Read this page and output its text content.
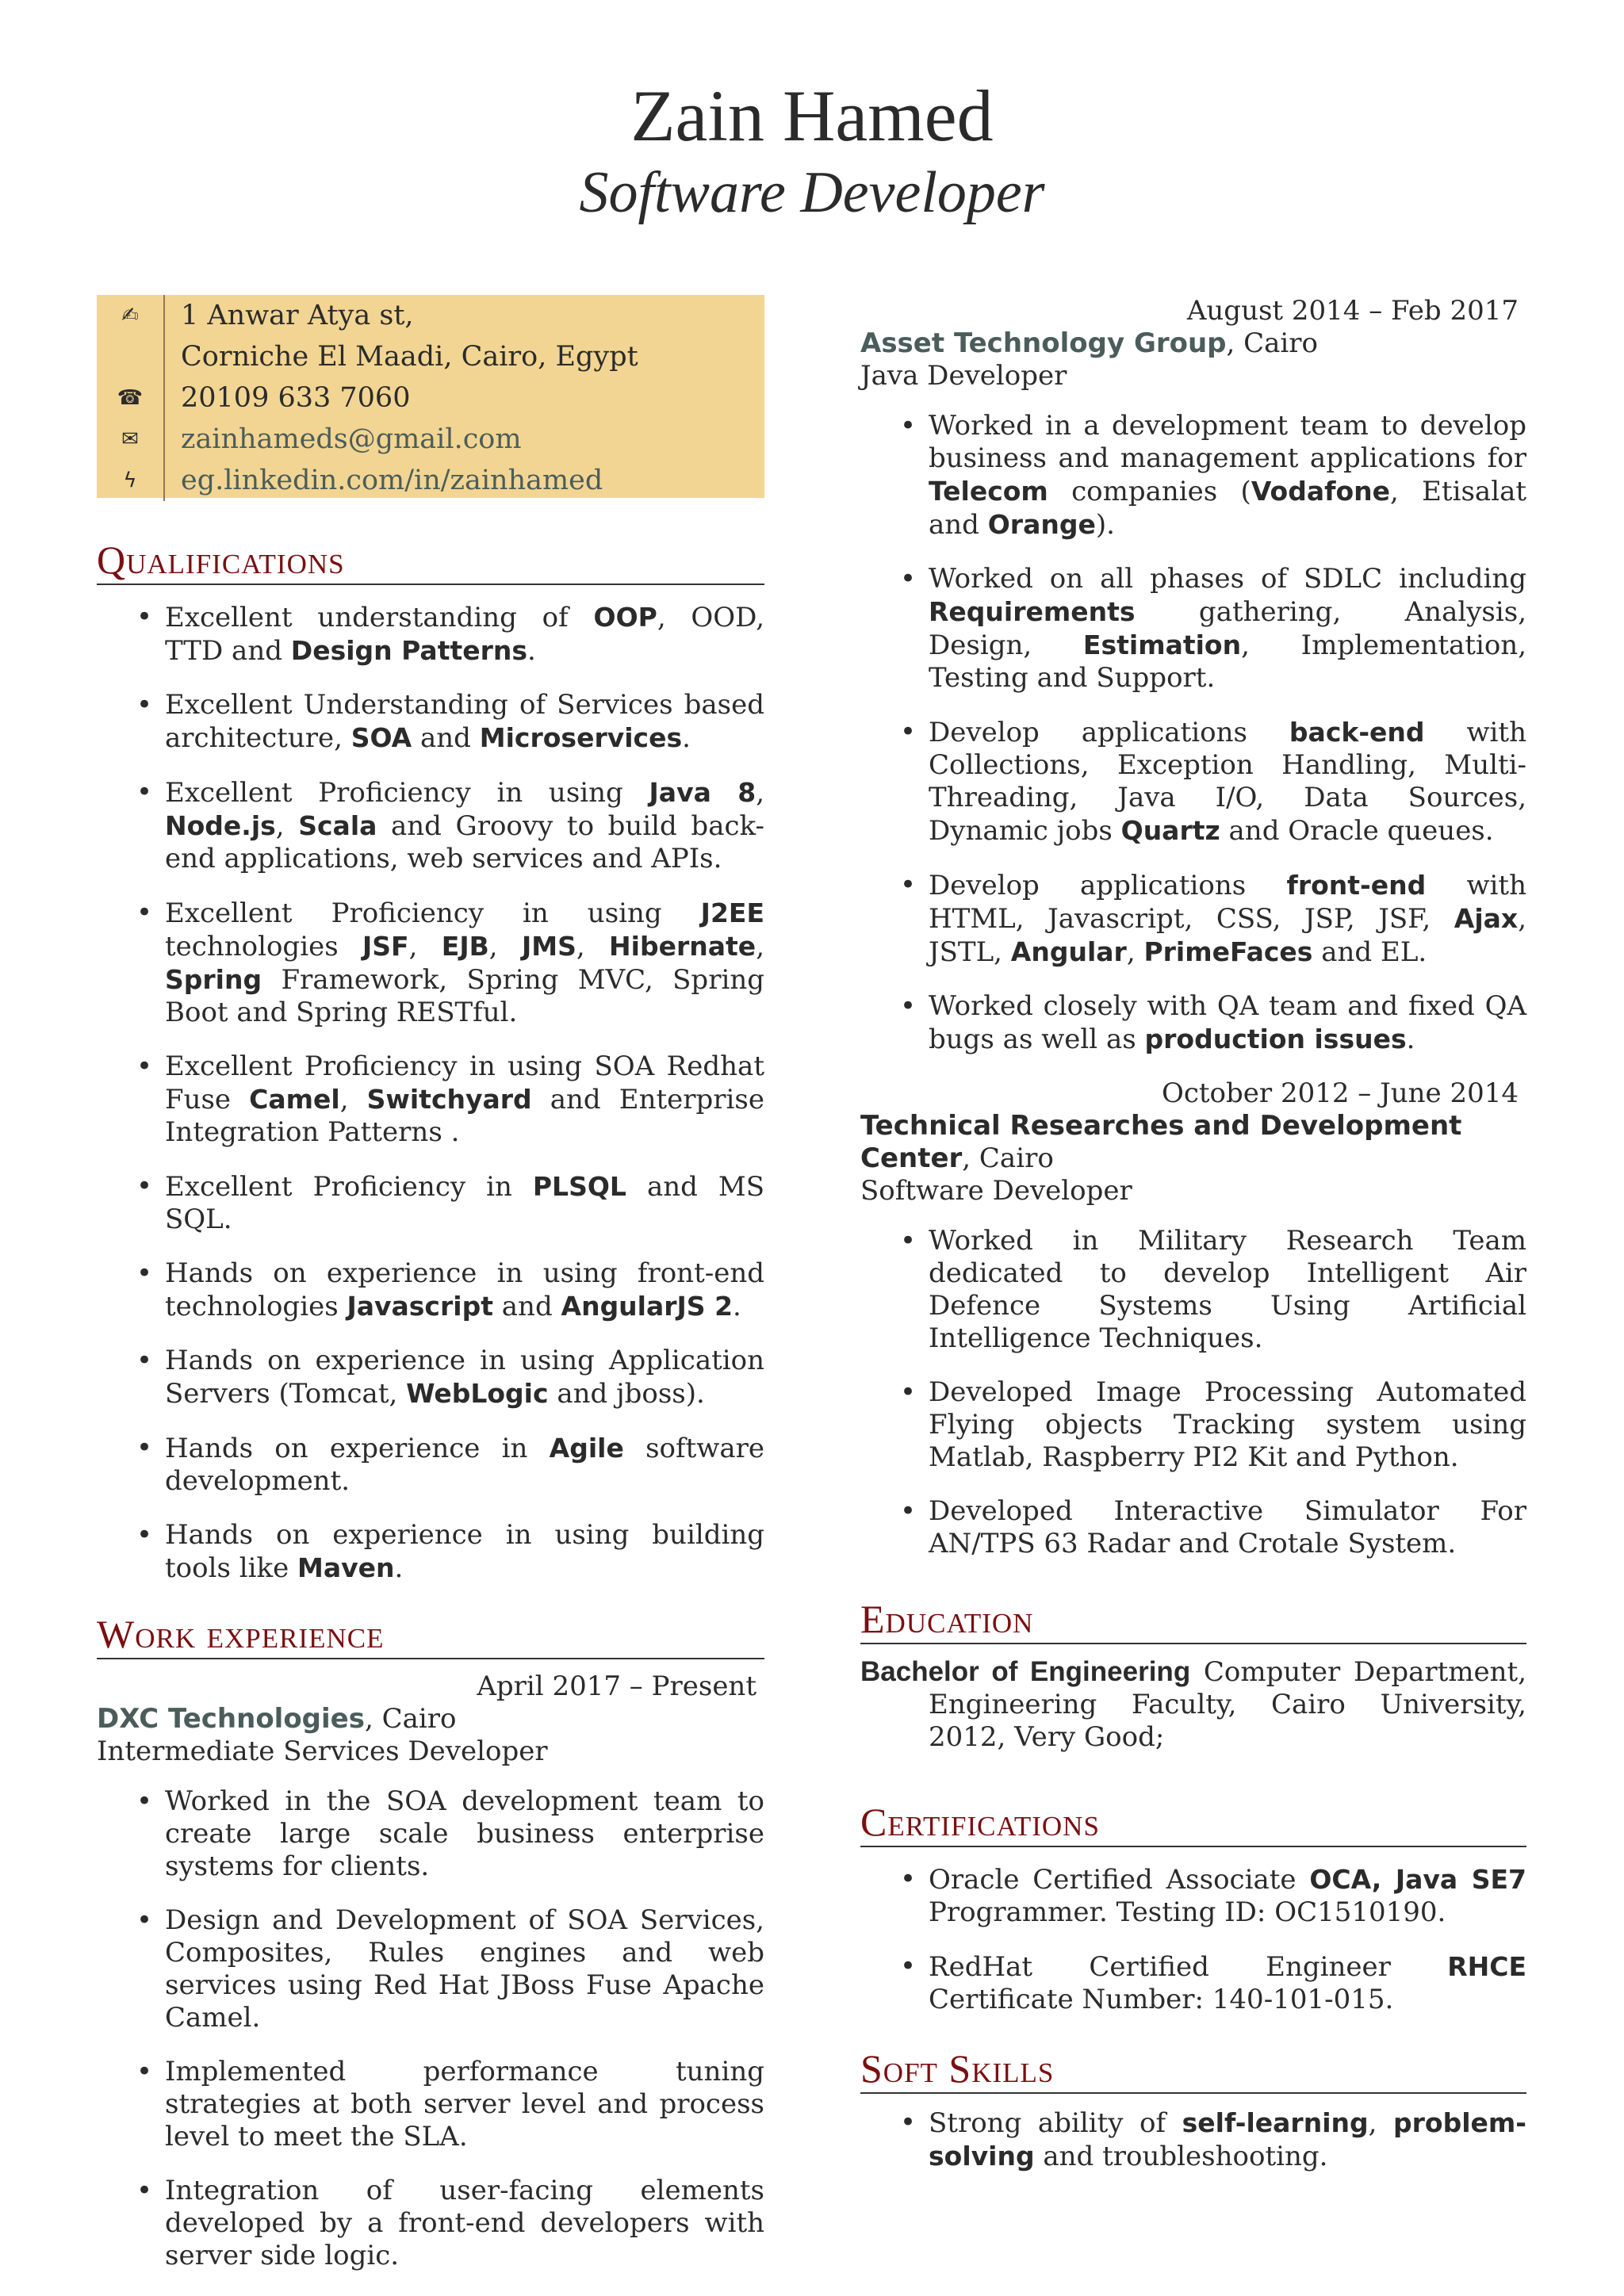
Zain Hamed
Software Developer
✍	1 Anwar Atya st,
Corniche El Maadi, Cairo, Egypt
☎	20109 633 7060
✉	zainhameds@gmail.com
ϟ	eg.linkedin.com/in/zainhamed
Qualifications
• Excellent understanding of OOP, OOD, TTD and Design Patterns.
• Excellent Understanding of Services based architecture, SOA and Microservices.
• Excellent Proficiency in using Java 8, Node.js, Scala and Groovy to build back-end applications, web services and APIs.
• Excellent Proficiency in using J2EE technologies JSF, EJB, JMS, Hibernate, Spring Framework, Spring MVC, Spring Boot and Spring RESTful.
• Excellent Proficiency in using SOA Redhat Fuse Camel, Switchyard and Enterprise Integration Patterns .
• Excellent Proficiency in PLSQL and MS SQL.
• Hands on experience in using front-end technologies Javascript and AngularJS 2.
• Hands on experience in using Application Servers (Tomcat, WebLogic and jboss).
• Hands on experience in Agile software development.
• Hands on experience in using building tools like Maven.
Work experience
April 2017 – Present
DXC Technologies, Cairo
Intermediate Services Developer
• Worked in the SOA development team to create large scale business enterprise systems for clients.
• Design and Development of SOA Services, Composites, Rules engines and web services using Red Hat JBoss Fuse Apache Camel.
• Implemented performance tuning strategies at both server level and process level to meet the SLA.
• Integration of user-facing elements developed by a front-end developers with server side logic.
August 2014 – Feb 2017
Asset Technology Group, Cairo
Java Developer
• Worked in a development team to develop business and management applications for Telecom companies (Vodafone, Etisalat and Orange).
• Worked on all phases of SDLC including Requirements gathering, Analysis, Design, Estimation, Implementation, Testing and Support.
• Develop applications back-end with Collections, Exception Handling, Multi-Threading, Java I/O, Data Sources, Dynamic jobs Quartz and Oracle queues.
• Develop applications front-end with HTML, Javascript, CSS, JSP, JSF, Ajax, JSTL, Angular, PrimeFaces and EL.
• Worked closely with QA team and fixed QA bugs as well as production issues.
October 2012 – June 2014
Technical Researches and Development Center, Cairo
Software Developer
• Worked in Military Research Team dedicated to develop Intelligent Air Defence Systems Using Artificial Intelligence Techniques.
• Developed Image Processing Automated Flying objects Tracking system using Matlab, Raspberry PI2 Kit and Python.
• Developed Interactive Simulator For AN/TPS 63 Radar and Crotale System.
Education
Bachelor of Engineering Computer Department, Engineering Faculty, Cairo University, 2012, Very Good;
Certifications
• Oracle Certified Associate OCA, Java SE7 Programmer. Testing ID: OC1510190.
• RedHat Certified Engineer RHCE Certificate Number: 140-101-015.
Soft Skills
• Strong ability of self-learning, problem-solving and troubleshooting.
